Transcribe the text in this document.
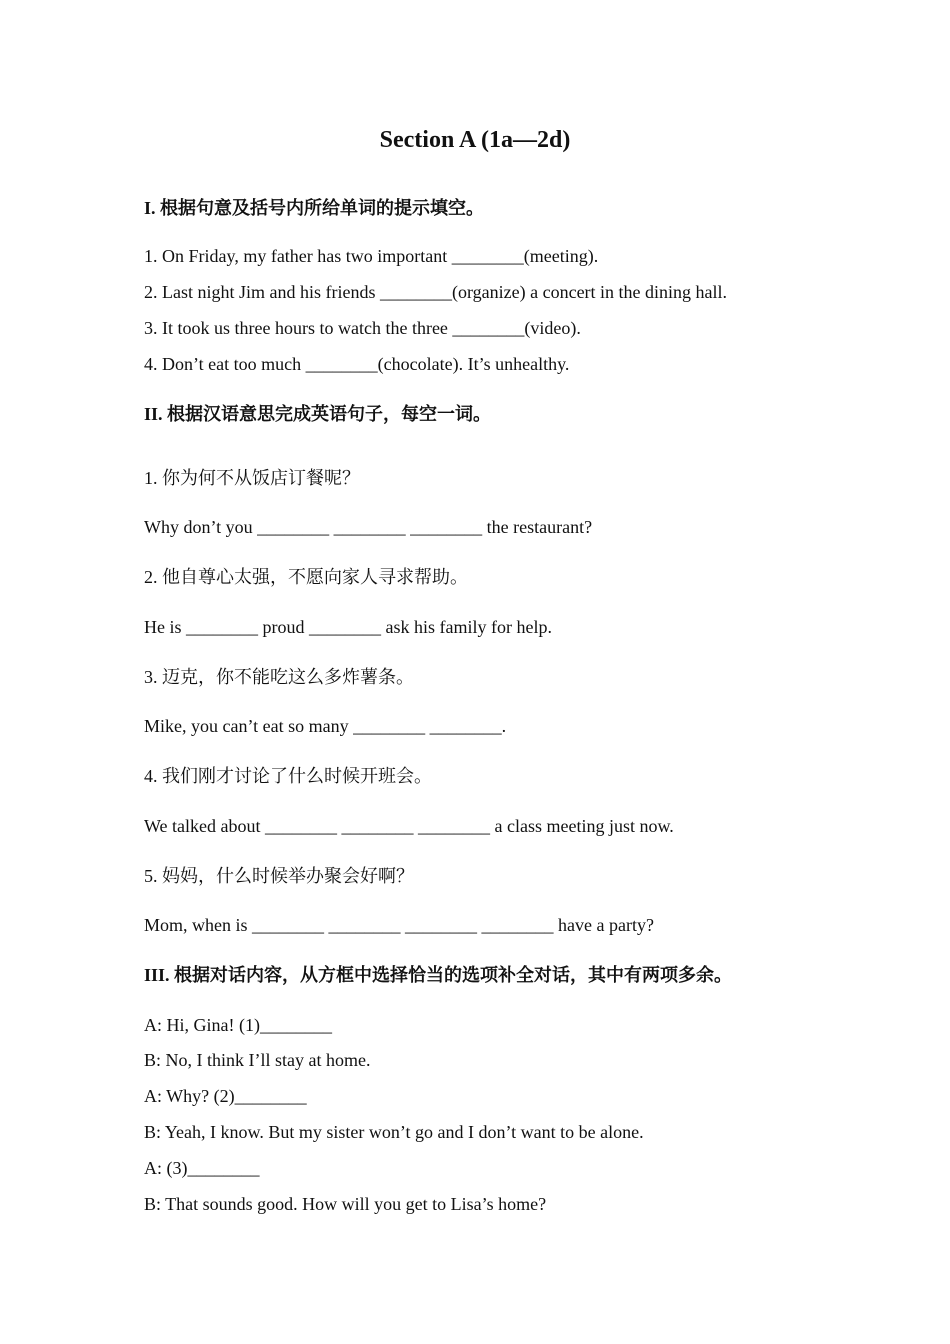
Section A (1a—2d)
I. 根据句意及括号内所给单词的提示填空。
1. On Friday, my father has two important ________(meeting).
2. Last night Jim and his friends ________(organize) a concert in the dining hall.
3. It took us three hours to watch the three ________(video).
4. Don’t eat too much ________(chocolate). It’s unhealthy.
II. 根据汉语意思完成英语句子，每空一词。
1. 你为何不从饭店订餐呢？
Why don’t you ________ ________ ________ the restaurant?
2. 他自尊心太强，不愿向家人寻求帮助。
He is ________ proud ________ ask his family for help.
3. 迈克，你不能吃这么多炸薯条。
Mike, you can’t eat so many ________ ________.
4. 我们刚才讨论了什么时候开班会。
We talked about ________ ________ ________ a class meeting just now.
5. 妈妈，什么时候举办聚会好啊？
Mom, when is ________ ________ ________ ________ have a party?
III. 根据对话内容，从方框中选择恰当的选项补全对话，其中有两项多余。
A: Hi, Gina! (1)________
B: No, I think I’ll stay at home.
A: Why? (2)________
B: Yeah, I know. But my sister won’t go and I don’t want to be alone.
A: (3)________
B: That sounds good. How will you get to Lisa’s home?
